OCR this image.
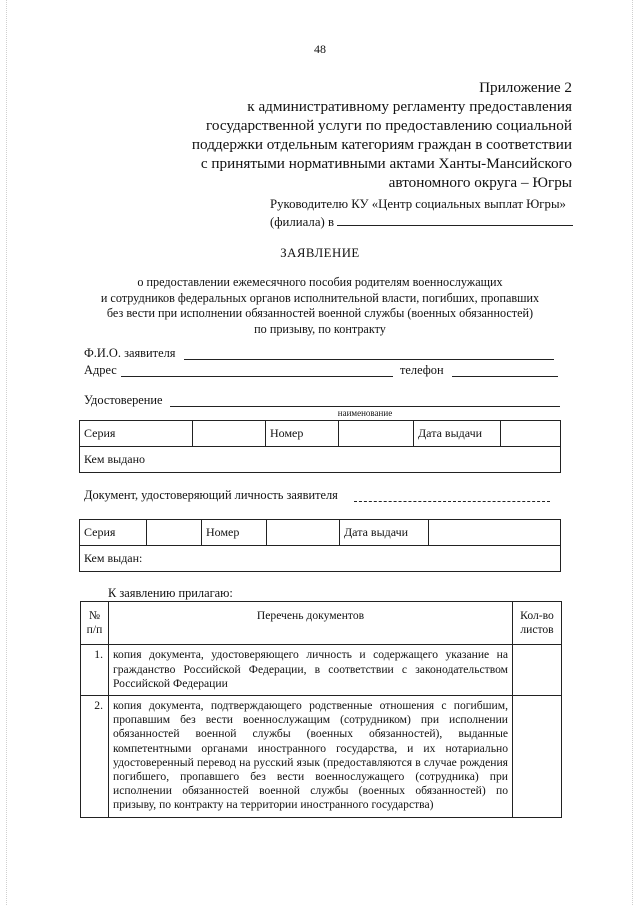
48
Приложение 2
к административному регламенту предоставления
государственной услуги по предоставлению социальной
поддержки отдельным категориям граждан в соответствии
с принятыми нормативными актами Ханты-Мансийского
автономного округа – Югры
Руководителю КУ «Центр социальных выплат Югры»
(филиала) в
ЗАЯВЛЕНИЕ
о предоставлении ежемесячного пособия родителям военнослужащих
и сотрудников федеральных органов исполнительной власти, погибших, пропавших
без вести при исполнении обязанностей военной службы (военных обязанностей)
по призыву, по контракту
Ф.И.О. заявителя
Адрес	телефон
Удостоверение
наименование
Серия		Номер		Дата выдачи	
Кем выдано
Документ, удостоверяющий личность заявителя
Серия		Номер		Дата выдачи	
Кем выдан:
К заявлению прилагаю:
№ п/п	Перечень документов	Кол-во листов
1.	копия документа, удостоверяющего личность и содержащего указание на гражданство Российской Федерации, в соответствии с законодательством Российской Федерации	
2.	копия документа, подтверждающего родственные отношения с погибшим, пропавшим без вести военнослужащим (сотрудником) при исполнении обязанностей военной службы (военных обязанностей), выданные компетентными органами иностранного государства, и их нотариально удостоверенный перевод на русский язык (предоставляются в случае рождения погибшего, пропавшего без вести военнослужащего (сотрудника) при исполнении обязанностей военной службы (военных обязанностей) по призыву, по контракту на территории иностранного государства)	
